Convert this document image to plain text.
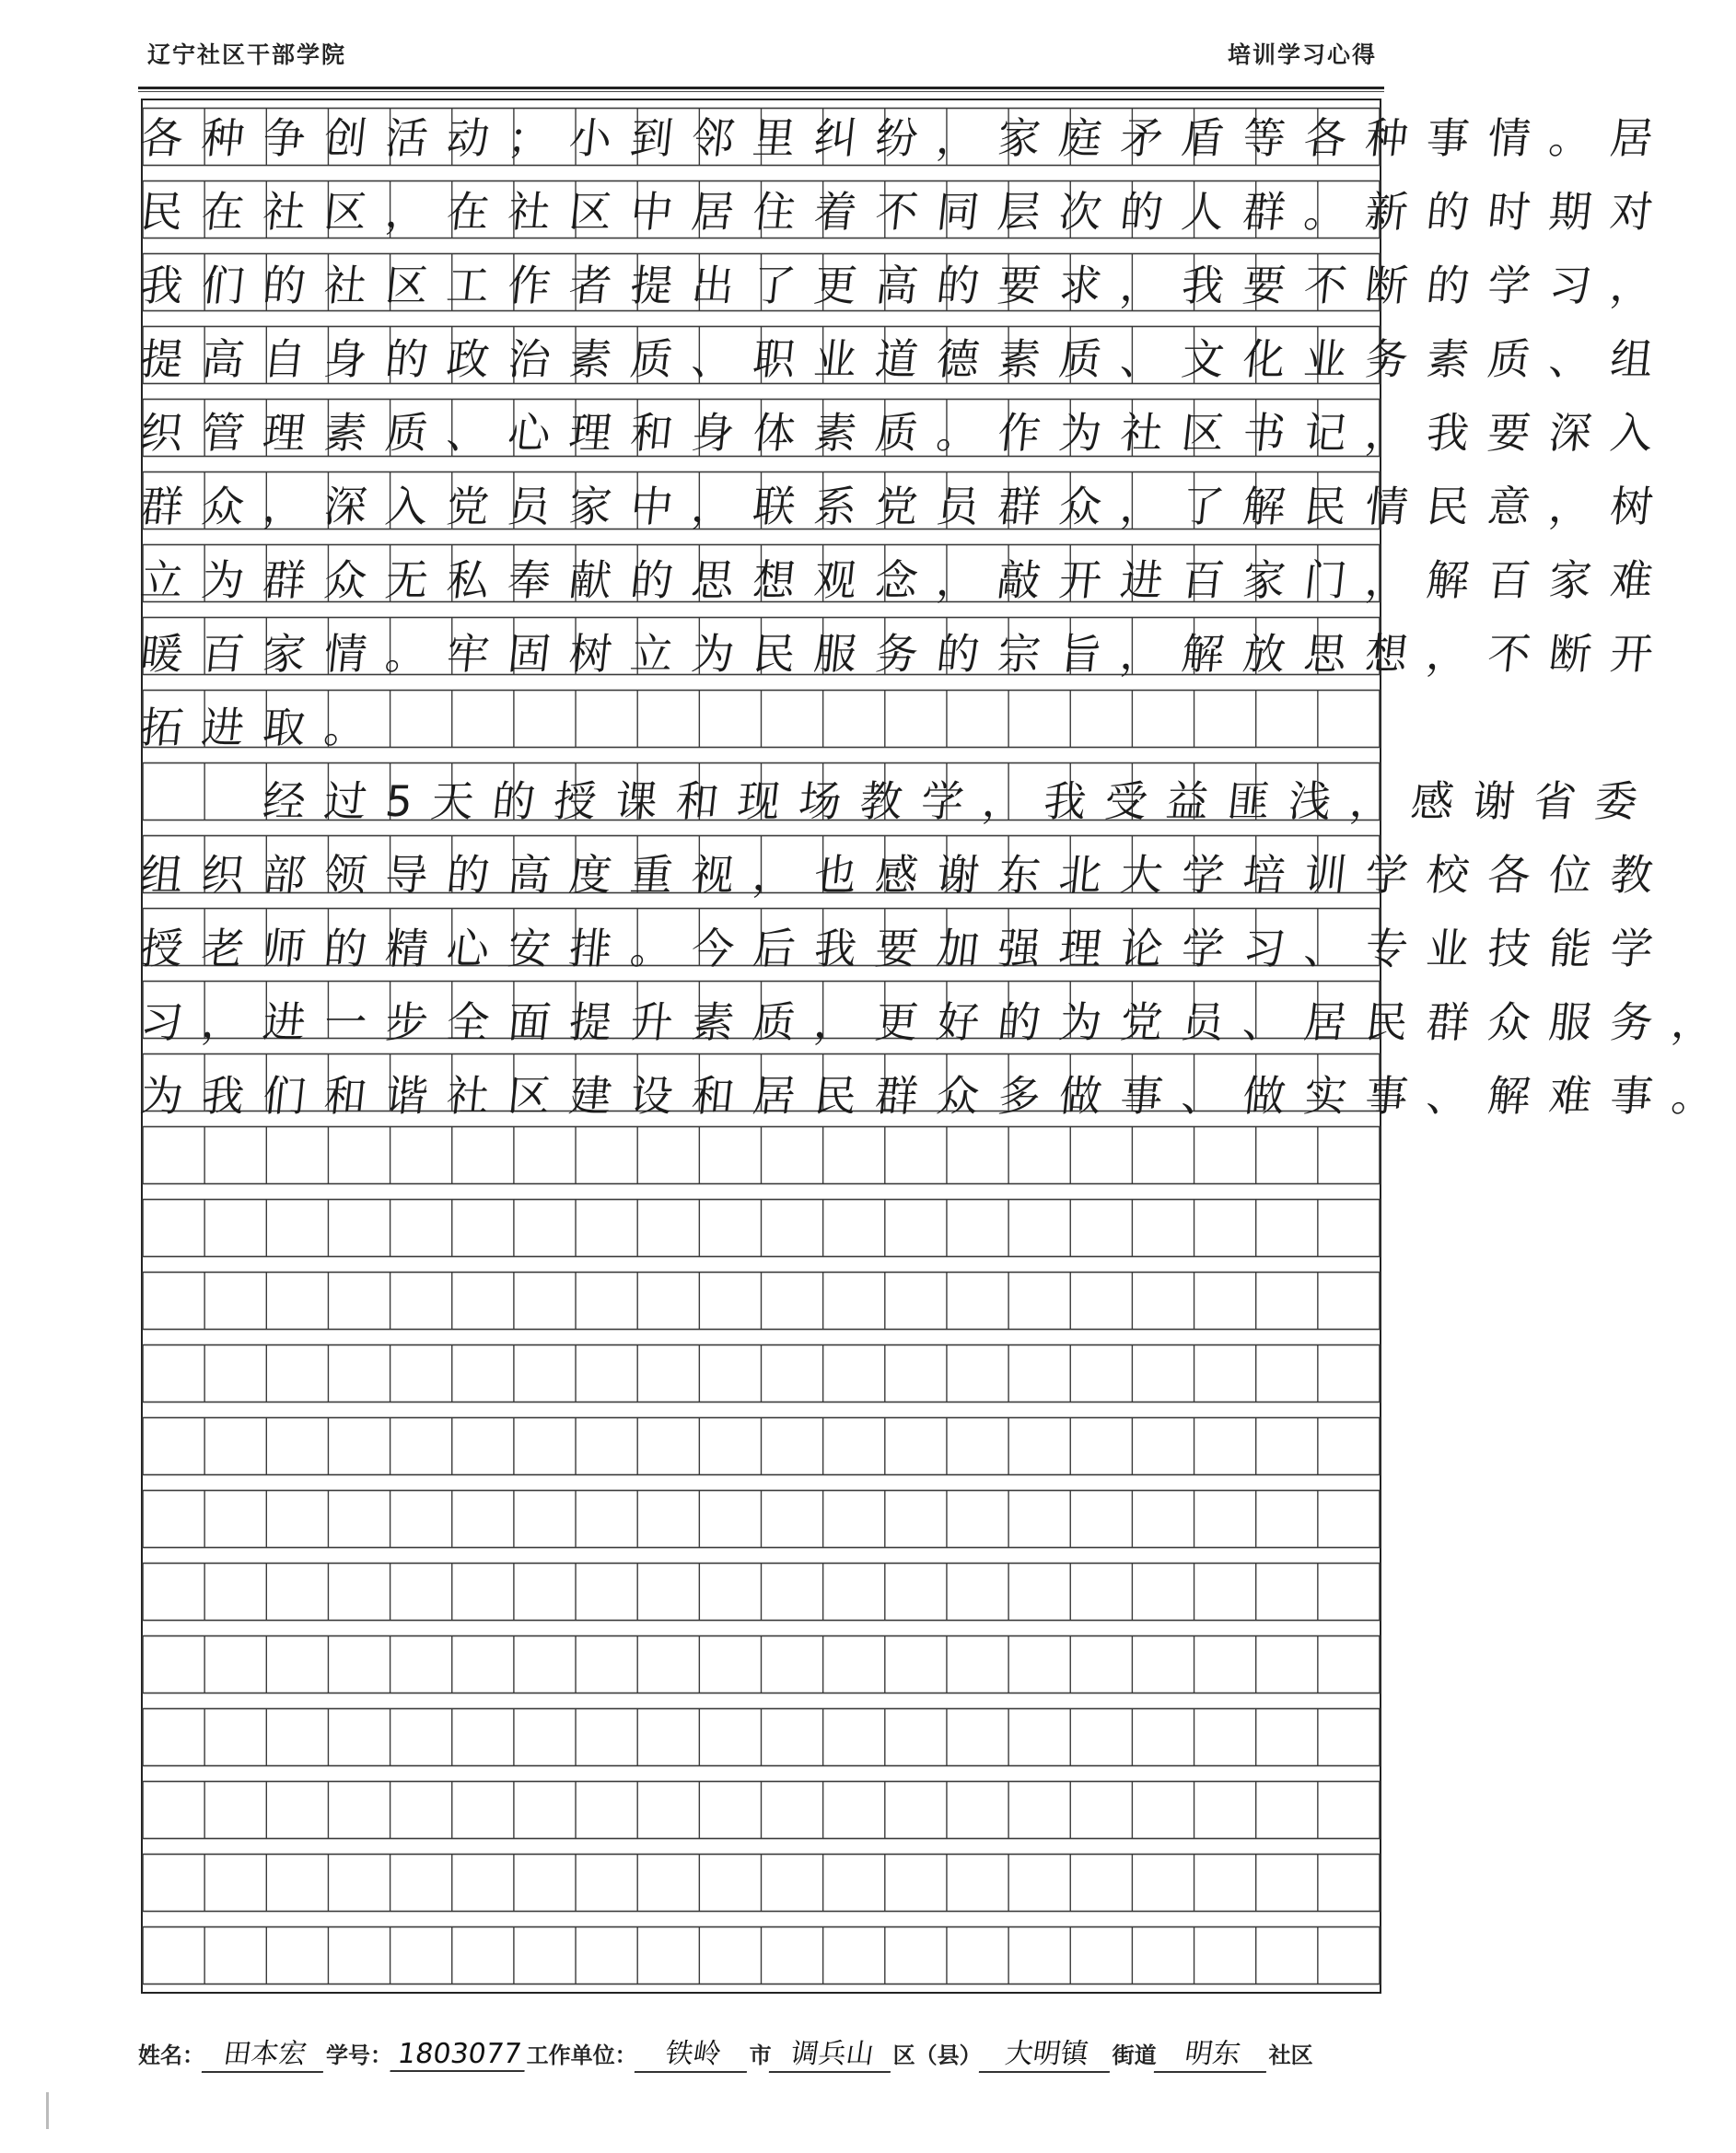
辽宁社区干部学院	培训学习心得
各种争创活动；小到邻里纠纷，家庭矛盾等各种事情。居
民在社区，在社区中居住着不同层次的人群。新的时期对
我们的社区工作者提出了更高的要求，我要不断的学习，
提高自身的政治素质、职业道德素质、文化业务素质、组
织管理素质、心理和身体素质。作为社区书记，我要深入
群众，深入党员家中，联系党员群众，了解民情民意，树
立为群众无私奉献的思想观念，敲开进百家门，解百家难
暖百家情。牢固树立为民服务的宗旨，解放思想，不断开
拓进取。
　　经过5天的授课和现场教学，我受益匪浅，感谢省委
组织部领导的高度重视，也感谢东北大学培训学校各位教
授老师的精心安排。今后我要加强理论学习、专业技能学
习，进一步全面提升素质，更好的为党员、居民群众服务，
为我们和谐社区建设和居民群众多做事、做实事、解难事。
姓名： 田本宏 学号： 1803077 工作单位： 铁岭 市 调兵山 区（县） 大明镇 街道 明东 社区
